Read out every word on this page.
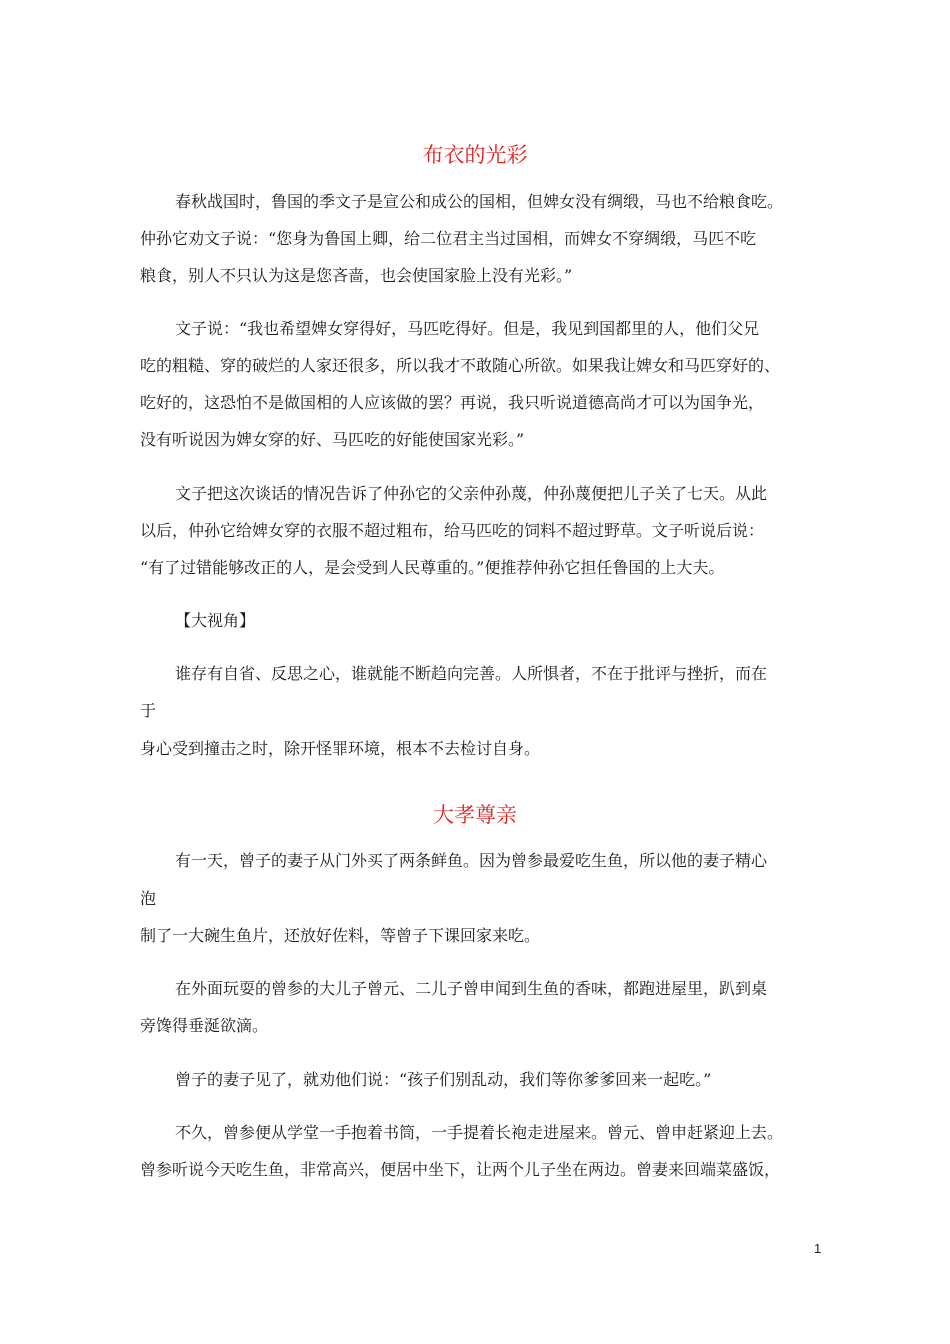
布衣的光彩
春秋战国时，鲁国的季文子是宣公和成公的国相，但婢女没有绸缎，马也不给粮食吃。
仲孙它劝文子说：“您身为鲁国上卿，给二位君主当过国相，而婢女不穿绸缎，马匹不吃
粮食，别人不只认为这是您吝啬，也会使国家脸上没有光彩。”
文子说：“我也希望婢女穿得好，马匹吃得好。但是，我见到国都里的人，他们父兄
吃的粗糙、穿的破烂的人家还很多，所以我才不敢随心所欲。如果我让婢女和马匹穿好的、
吃好的，这恐怕不是做国相的人应该做的罢？再说，我只听说道德高尚才可以为国争光，
没有听说因为婢女穿的好、马匹吃的好能使国家光彩。”
文子把这次谈话的情况告诉了仲孙它的父亲仲孙蔑，仲孙蔑便把儿子关了七天。从此
以后，仲孙它给婢女穿的衣服不超过粗布，给马匹吃的饲料不超过野草。文子听说后说：
“有了过错能够改正的人，是会受到人民尊重的。”便推荐仲孙它担任鲁国的上大夫。
【大视角】
谁存有自省、反思之心，谁就能不断趋向完善。人所惧者，不在于批评与挫折，而在
于
身心受到撞击之时，除开怪罪环境，根本不去检讨自身。
大孝尊亲
有一天，曾子的妻子从门外买了两条鲜鱼。因为曾参最爱吃生鱼，所以他的妻子精心
泡
制了一大碗生鱼片，还放好佐料，等曾子下课回家来吃。
在外面玩耍的曾参的大儿子曾元、二儿子曾申闻到生鱼的香味，都跑进屋里，趴到桌
旁馋得垂涎欲滴。
曾子的妻子见了，就劝他们说：“孩子们别乱动，我们等你爹爹回来一起吃。”
不久，曾参便从学堂一手抱着书筒，一手提着长袍走进屋来。曾元、曾申赶紧迎上去。
曾参听说今天吃生鱼，非常高兴，便居中坐下，让两个儿子坐在两边。曾妻来回端菜盛饭，
1
